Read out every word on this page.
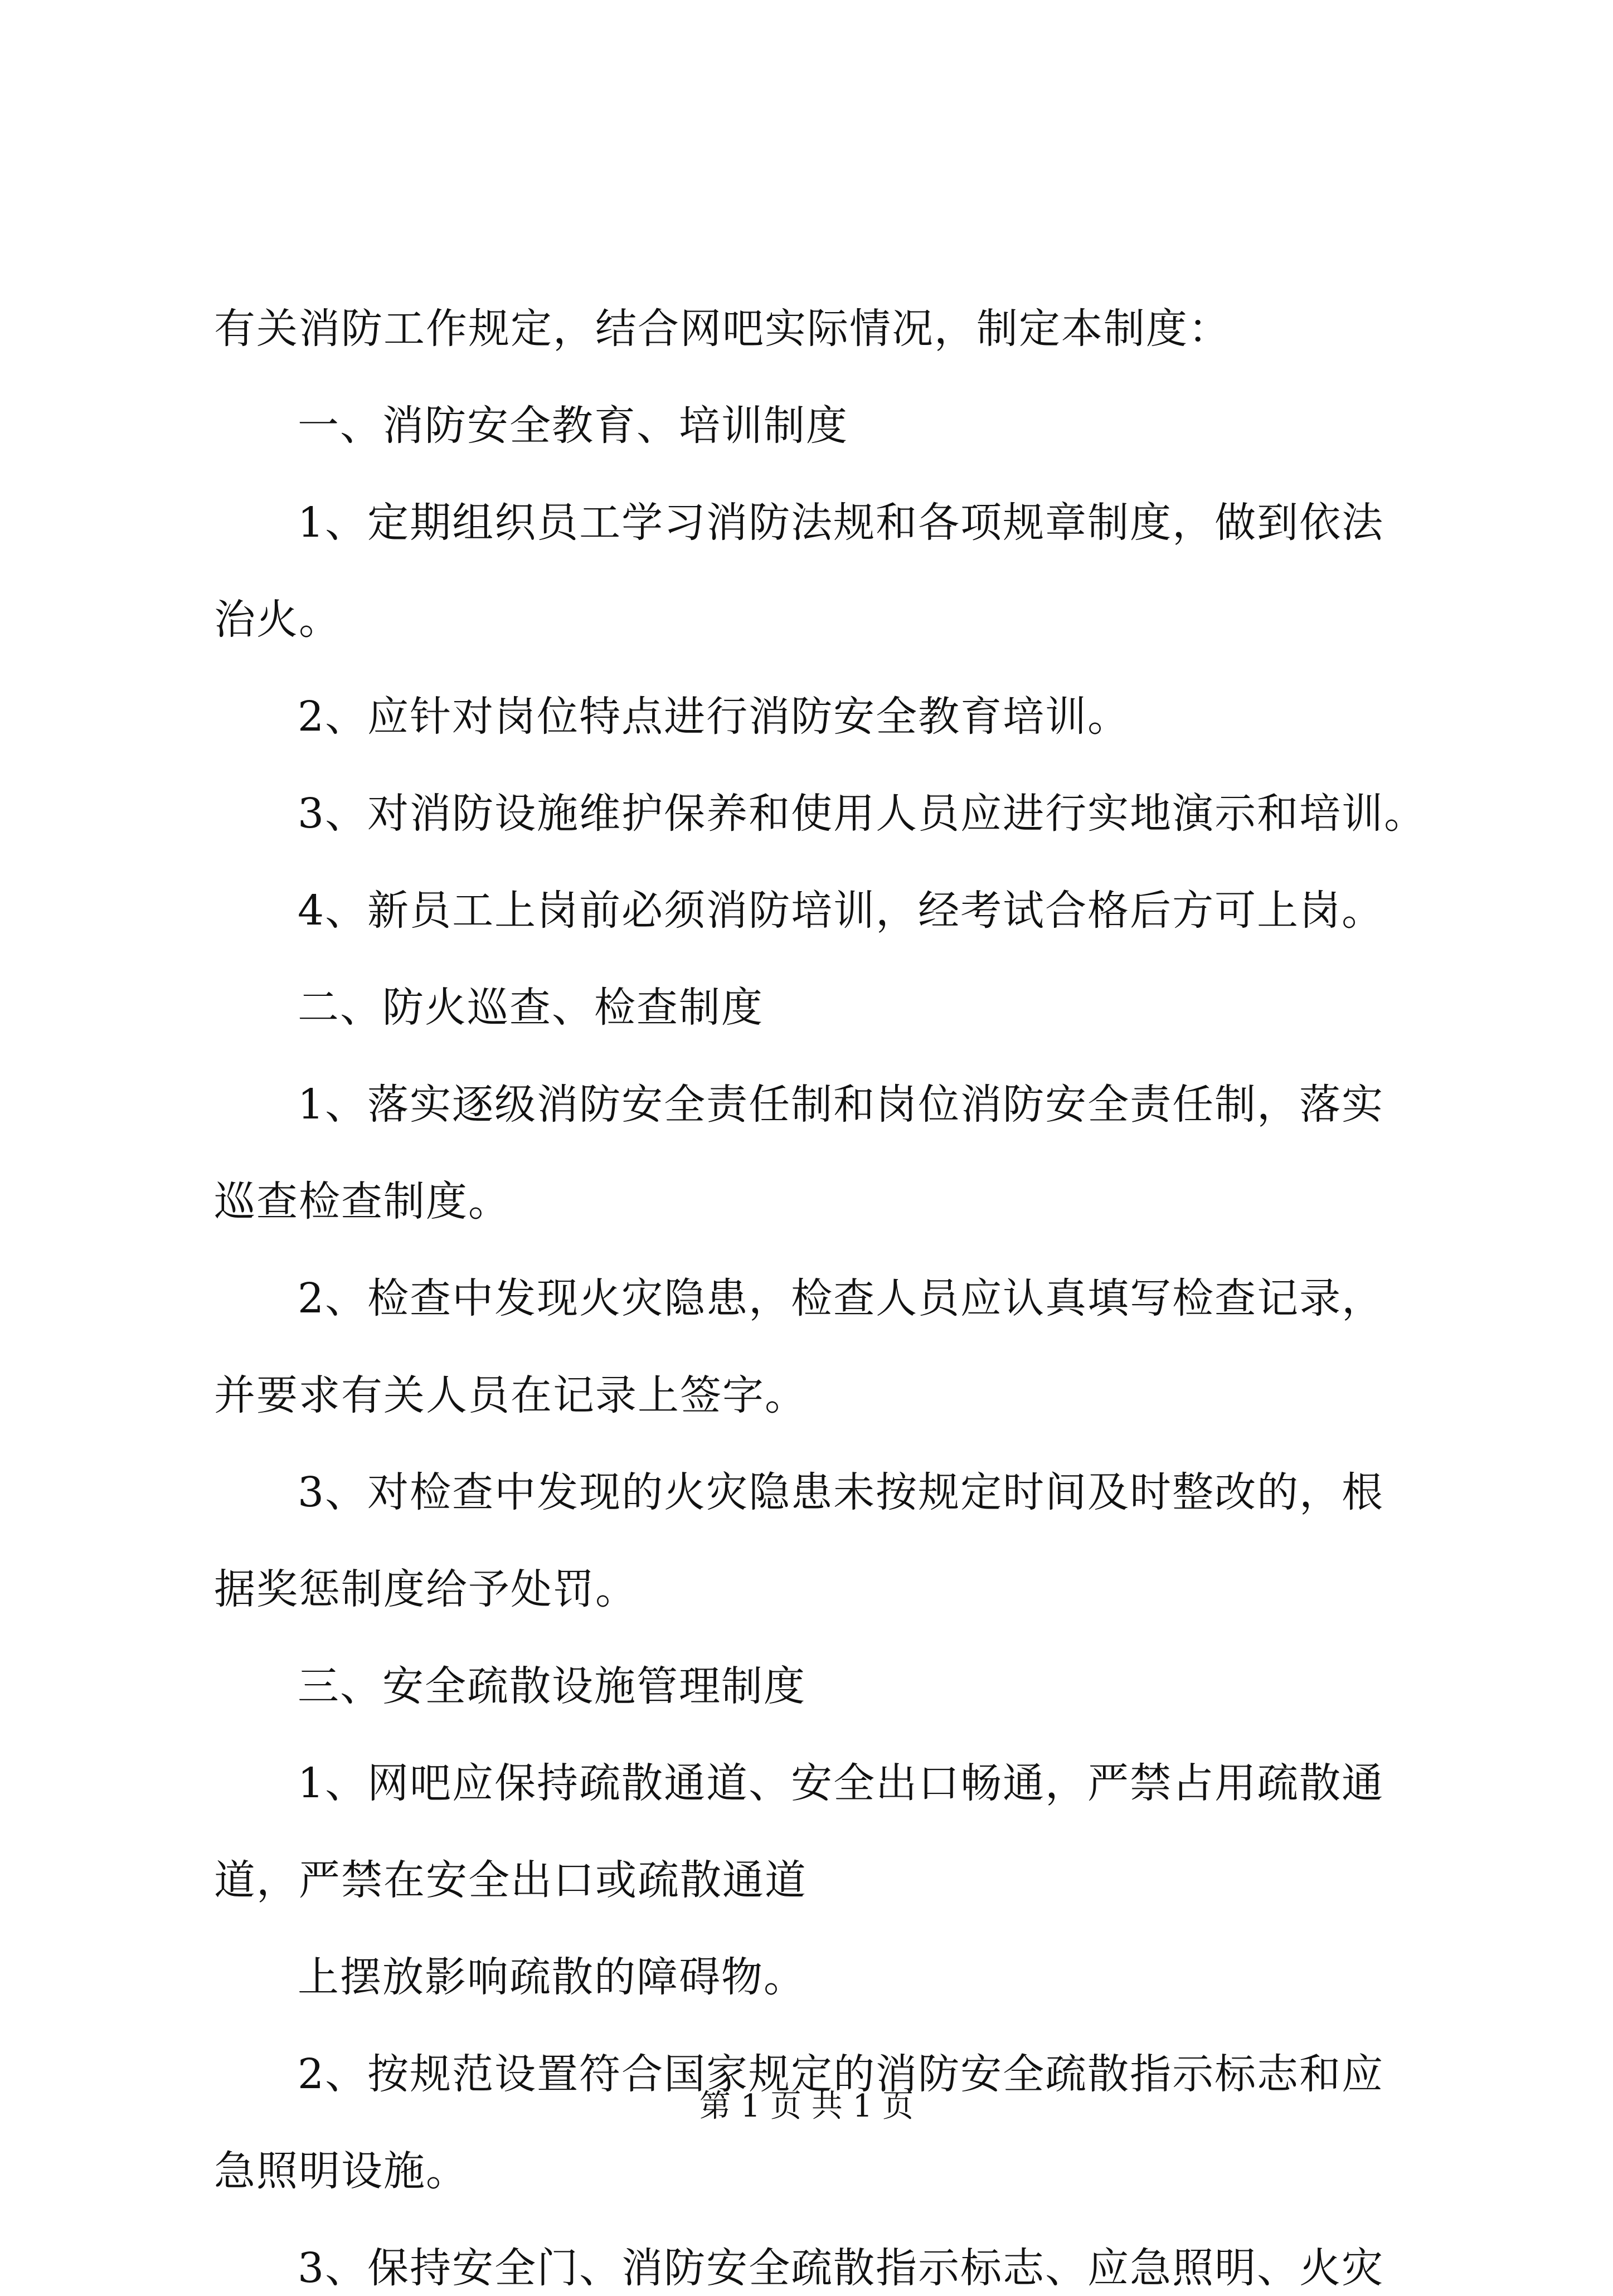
有关消防工作规定，结合网吧实际情况，制定本制度：
一、消防安全教育、培训制度
1、定期组织员工学习消防法规和各项规章制度，做到依法
治火。
2、应针对岗位特点进行消防安全教育培训。
3、对消防设施维护保养和使用人员应进行实地演示和培训。
4、新员工上岗前必须消防培训，经考试合格后方可上岗。
二、防火巡查、检查制度
1、落实逐级消防安全责任制和岗位消防安全责任制，落实
巡查检查制度。
2、检查中发现火灾隐患，检查人员应认真填写检查记录，
并要求有关人员在记录上签字。
3、对检查中发现的火灾隐患未按规定时间及时整改的，根
据奖惩制度给予处罚。
三、安全疏散设施管理制度
1、网吧应保持疏散通道、安全出口畅通，严禁占用疏散通
道，严禁在安全出口或疏散通道
上摆放影响疏散的障碍物。
2、按规范设置符合国家规定的消防安全疏散指示标志和应
急照明设施。
3、保持安全门、消防安全疏散指示标志、应急照明、火灾
第 1 页 共 1 页
